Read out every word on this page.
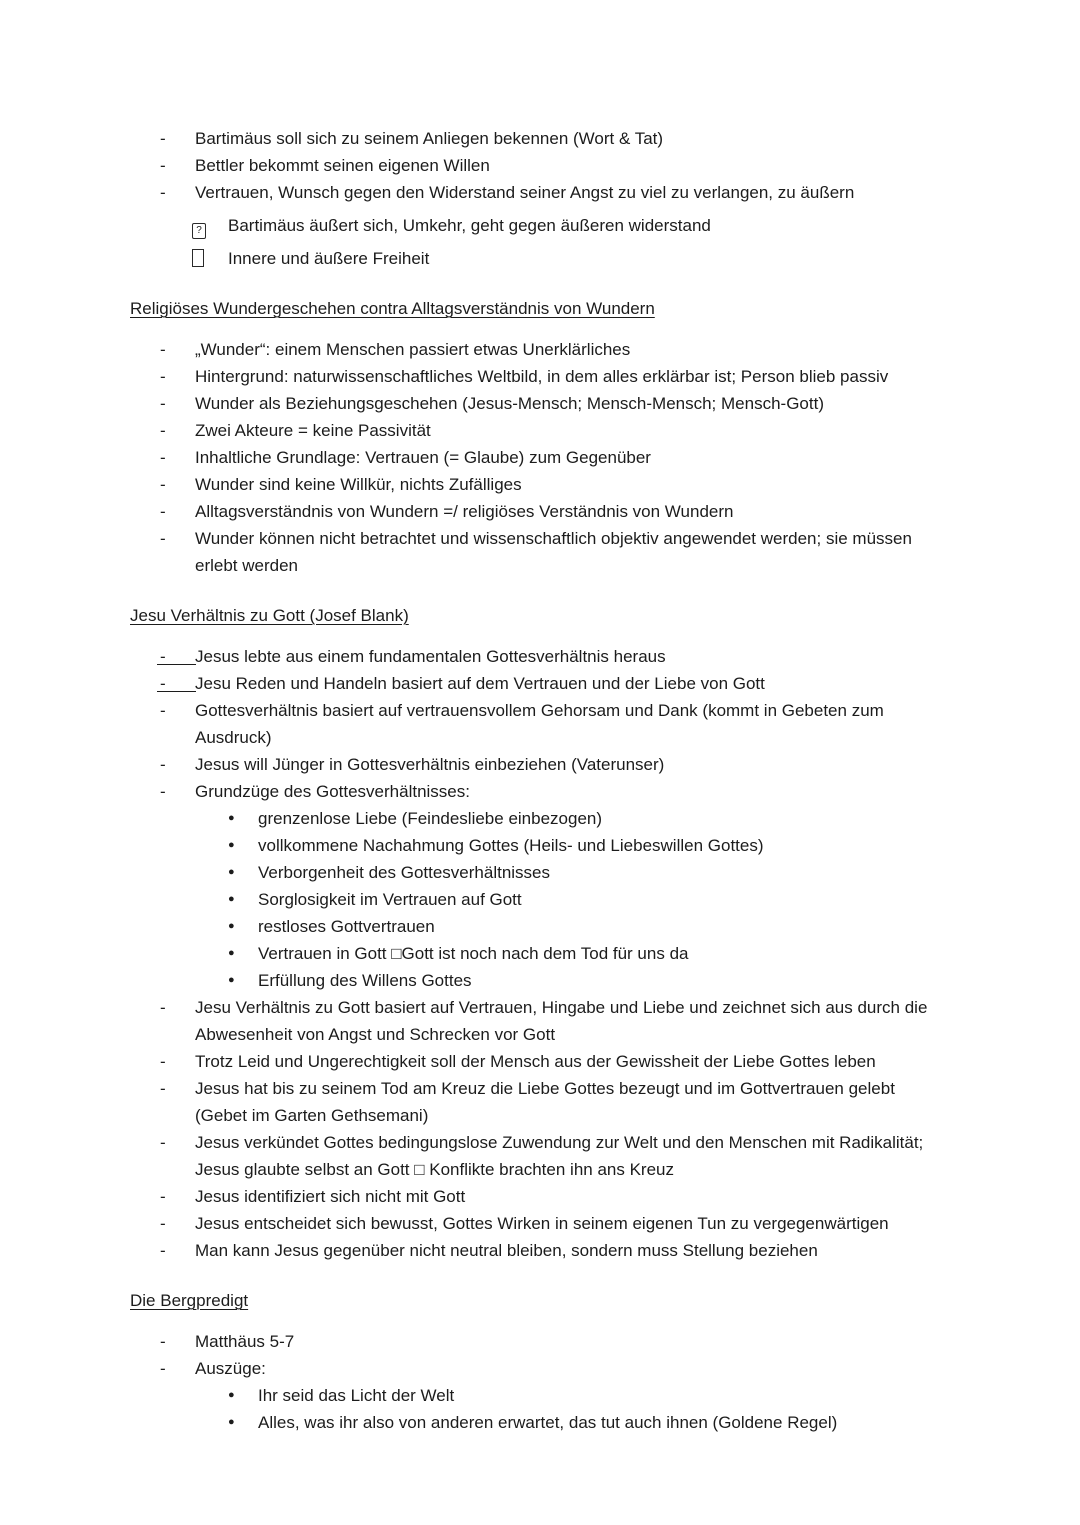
-	Bartimäus soll sich zu seinem Anliegen bekennen (Wort & Tat)
-	Bettler bekommt seinen eigenen Willen
-	Vertrauen, Wunsch gegen den Widerstand seiner Angst zu viel zu verlangen, zu äußern
?	Bartimäus äußert sich, Umkehr, geht gegen äußeren widerstand
Innere und äußere Freiheit
Religiöses Wundergeschehen contra Alltagsverständnis von Wundern
-	„Wunder“: einem Menschen passiert etwas Unerklärliches
-	Hintergrund: naturwissenschaftliches Weltbild, in dem alles erklärbar ist; Person blieb passiv
-	Wunder als Beziehungsgeschehen (Jesus-Mensch; Mensch-Mensch; Mensch-Gott)
-	Zwei Akteure = keine Passivität
-	Inhaltliche Grundlage: Vertrauen (= Glaube) zum Gegenüber
-	Wunder sind keine Willkür, nichts Zufälliges
-	Alltagsverständnis von Wundern =/ religiöses Verständnis von Wundern
-	Wunder können nicht betrachtet und wissenschaftlich objektiv angewendet werden; sie müssen erlebt werden
Jesu Verhältnis zu Gott (Josef Blank)
-	Jesus lebte aus einem fundamentalen Gottesverhältnis heraus
-	Jesu Reden und Handeln basiert auf dem Vertrauen und der Liebe von Gott
-	Gottesverhältnis basiert auf vertrauensvollem Gehorsam und Dank (kommt in Gebeten zum Ausdruck)
-	Jesus will Jünger in Gottesverhältnis einbeziehen (Vaterunser)
-	Grundzüge des Gottesverhältnisses:
●	grenzenlose Liebe (Feindesliebe einbezogen)
●	vollkommene Nachahmung Gottes (Heils- und Liebeswillen Gottes)
●	Verborgenheit des Gottesverhältnisses
●	Sorglosigkeit im Vertrauen auf Gott
●	restloses Gottvertrauen
●	Vertrauen in Gott □Gott ist noch nach dem Tod für uns da
●	Erfüllung des Willens Gottes
-	Jesu Verhältnis zu Gott basiert auf Vertrauen, Hingabe und Liebe und zeichnet sich aus durch die Abwesenheit von Angst und Schrecken vor Gott
-	Trotz Leid und Ungerechtigkeit soll der Mensch aus der Gewissheit der Liebe Gottes leben
-	Jesus hat bis zu seinem Tod am Kreuz die Liebe Gottes bezeugt und im Gottvertrauen gelebt (Gebet im Garten Gethsemani)
-	Jesus verkündet Gottes bedingungslose Zuwendung zur Welt und den Menschen mit Radikalität; Jesus glaubte selbst an Gott □ Konflikte brachten ihn ans Kreuz
-	Jesus identifiziert sich nicht mit Gott
-	Jesus entscheidet sich bewusst, Gottes Wirken in seinem eigenen Tun zu vergegenwärtigen
-	Man kann Jesus gegenüber nicht neutral bleiben, sondern muss Stellung beziehen
Die Bergpredigt
-	Matthäus 5-7
-	Auszüge:
●	Ihr seid das Licht der Welt
●	Alles, was ihr also von anderen erwartet, das tut auch ihnen (Goldene Regel)
